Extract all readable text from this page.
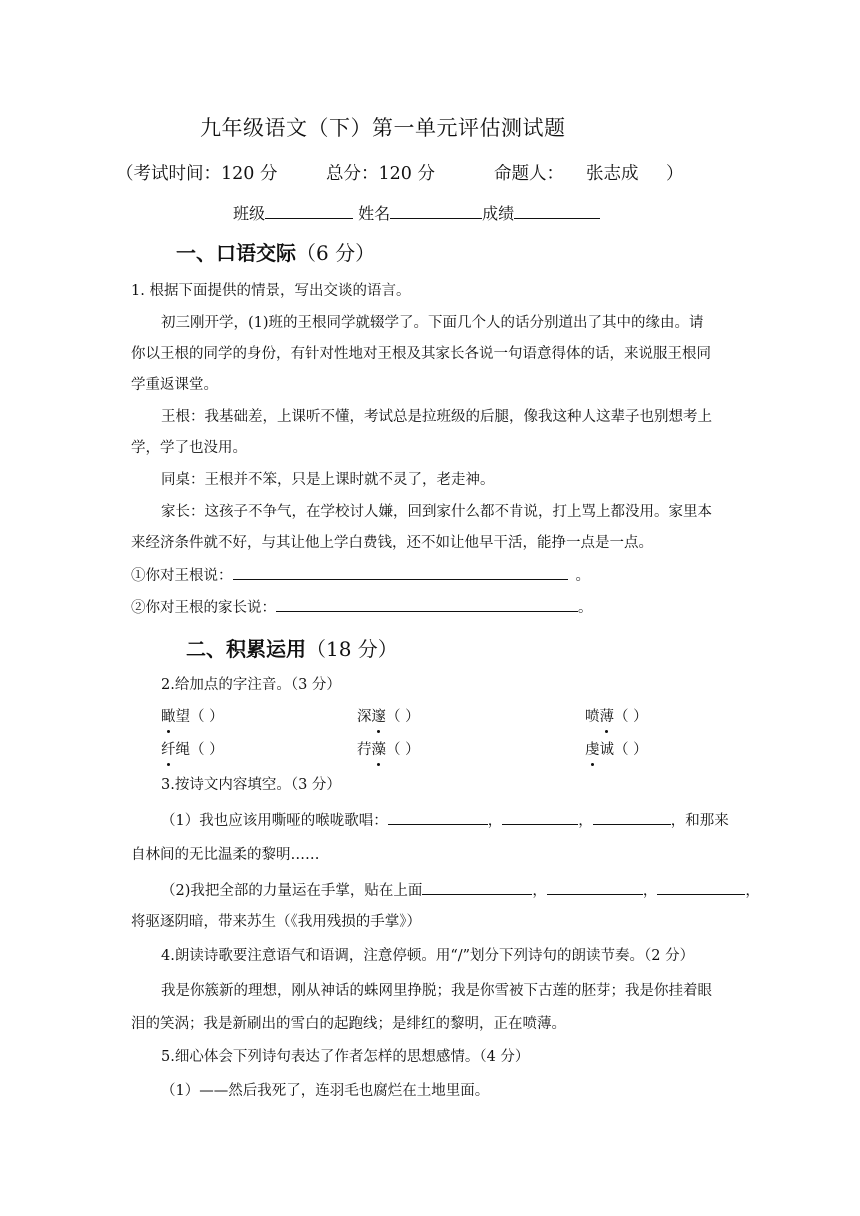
九年级语文（下）第一单元评估测试题
（考试时间：120 分	总分：120 分	命题人： 张志成 ）
班级	姓名	成绩
一、口语交际（6 分）
1. 根据下面提供的情景，写出交谈的语言。
初三刚开学，(1)班的王根同学就辍学了。下面几个人的话分别道出了其中的缘由。请
你以王根的同学的身份，有针对性地对王根及其家长各说一句语意得体的话，来说服王根同
学重返课堂。
王根：我基础差，上课听不懂，考试总是拉班级的后腿，像我这种人这辈子也别想考上
学，学了也没用。
同桌：王根并不笨，只是上课时就不灵了，老走神。
家长：这孩子不争气，在学校讨人嫌，回到家什么都不肯说，打上骂上都没用。家里本
来经济条件就不好，与其让他上学白费钱，还不如让他早干活，能挣一点是一点。
①你对王根说：	。
②你对王根的家长说：	。
二、积累运用（18 分）
2.给加点的字注音。（3 分）
瞰望（ ）	深邃（ ）	喷薄（ ）
纤绳（ ）	荇藻（ ）	虔诚（ ）
3.按诗文内容填空。（3 分）
（1）我也应该用嘶哑的喉咙歌唱：	，	，	，和那来
自林间的无比温柔的黎明……
（2)我把全部的力量运在手掌，贴在上面	，	，	，
将驱逐阴暗，带来苏生（《我用残损的手掌》）
4.朗读诗歌要注意语气和语调，注意停顿。用“/”划分下列诗句的朗读节奏。（2 分）
我是你簇新的理想，刚从神话的蛛网里挣脱；我是你雪被下古莲的胚芽；我是你挂着眼
泪的笑涡；我是新刷出的雪白的起跑线；是绯红的黎明，正在喷薄。
5.细心体会下列诗句表达了作者怎样的思想感情。（4 分）
（1）——然后我死了，连羽毛也腐烂在土地里面。
